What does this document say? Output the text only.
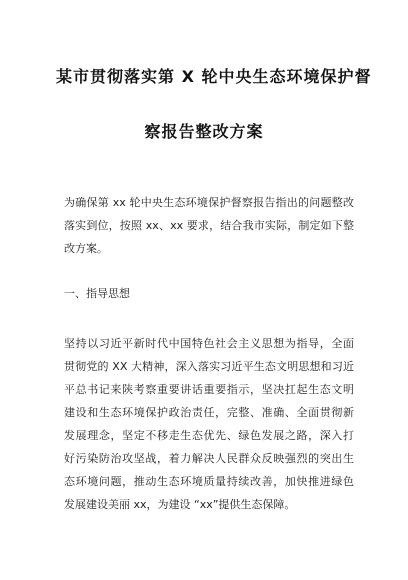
某市贯彻落实第 X 轮中央生态环境保护督
察报告整改方案
为确保第 xx 轮中央生态环境保护督察报告指出的问题整改
落实到位，按照 xx、xx 要求，结合我市实际，制定如下整
改方案。
一、指导思想
坚持以习近平新时代中国特色社会主义思想为指导，全面
贯彻党的 XX 大精神，深入落实习近平生态文明思想和习近
平总书记来陕考察重要讲话重要指示，坚决扛起生态文明
建设和生态环境保护政治责任，完整、准确、全面贯彻新
发展理念，坚定不移走生态优先、绿色发展之路，深入打
好污染防治攻坚战，着力解决人民群众反映强烈的突出生
态环境问题，推动生态环境质量持续改善，加快推进绿色
发展建设美丽 xx，为建设 “xx”提供生态保障。
